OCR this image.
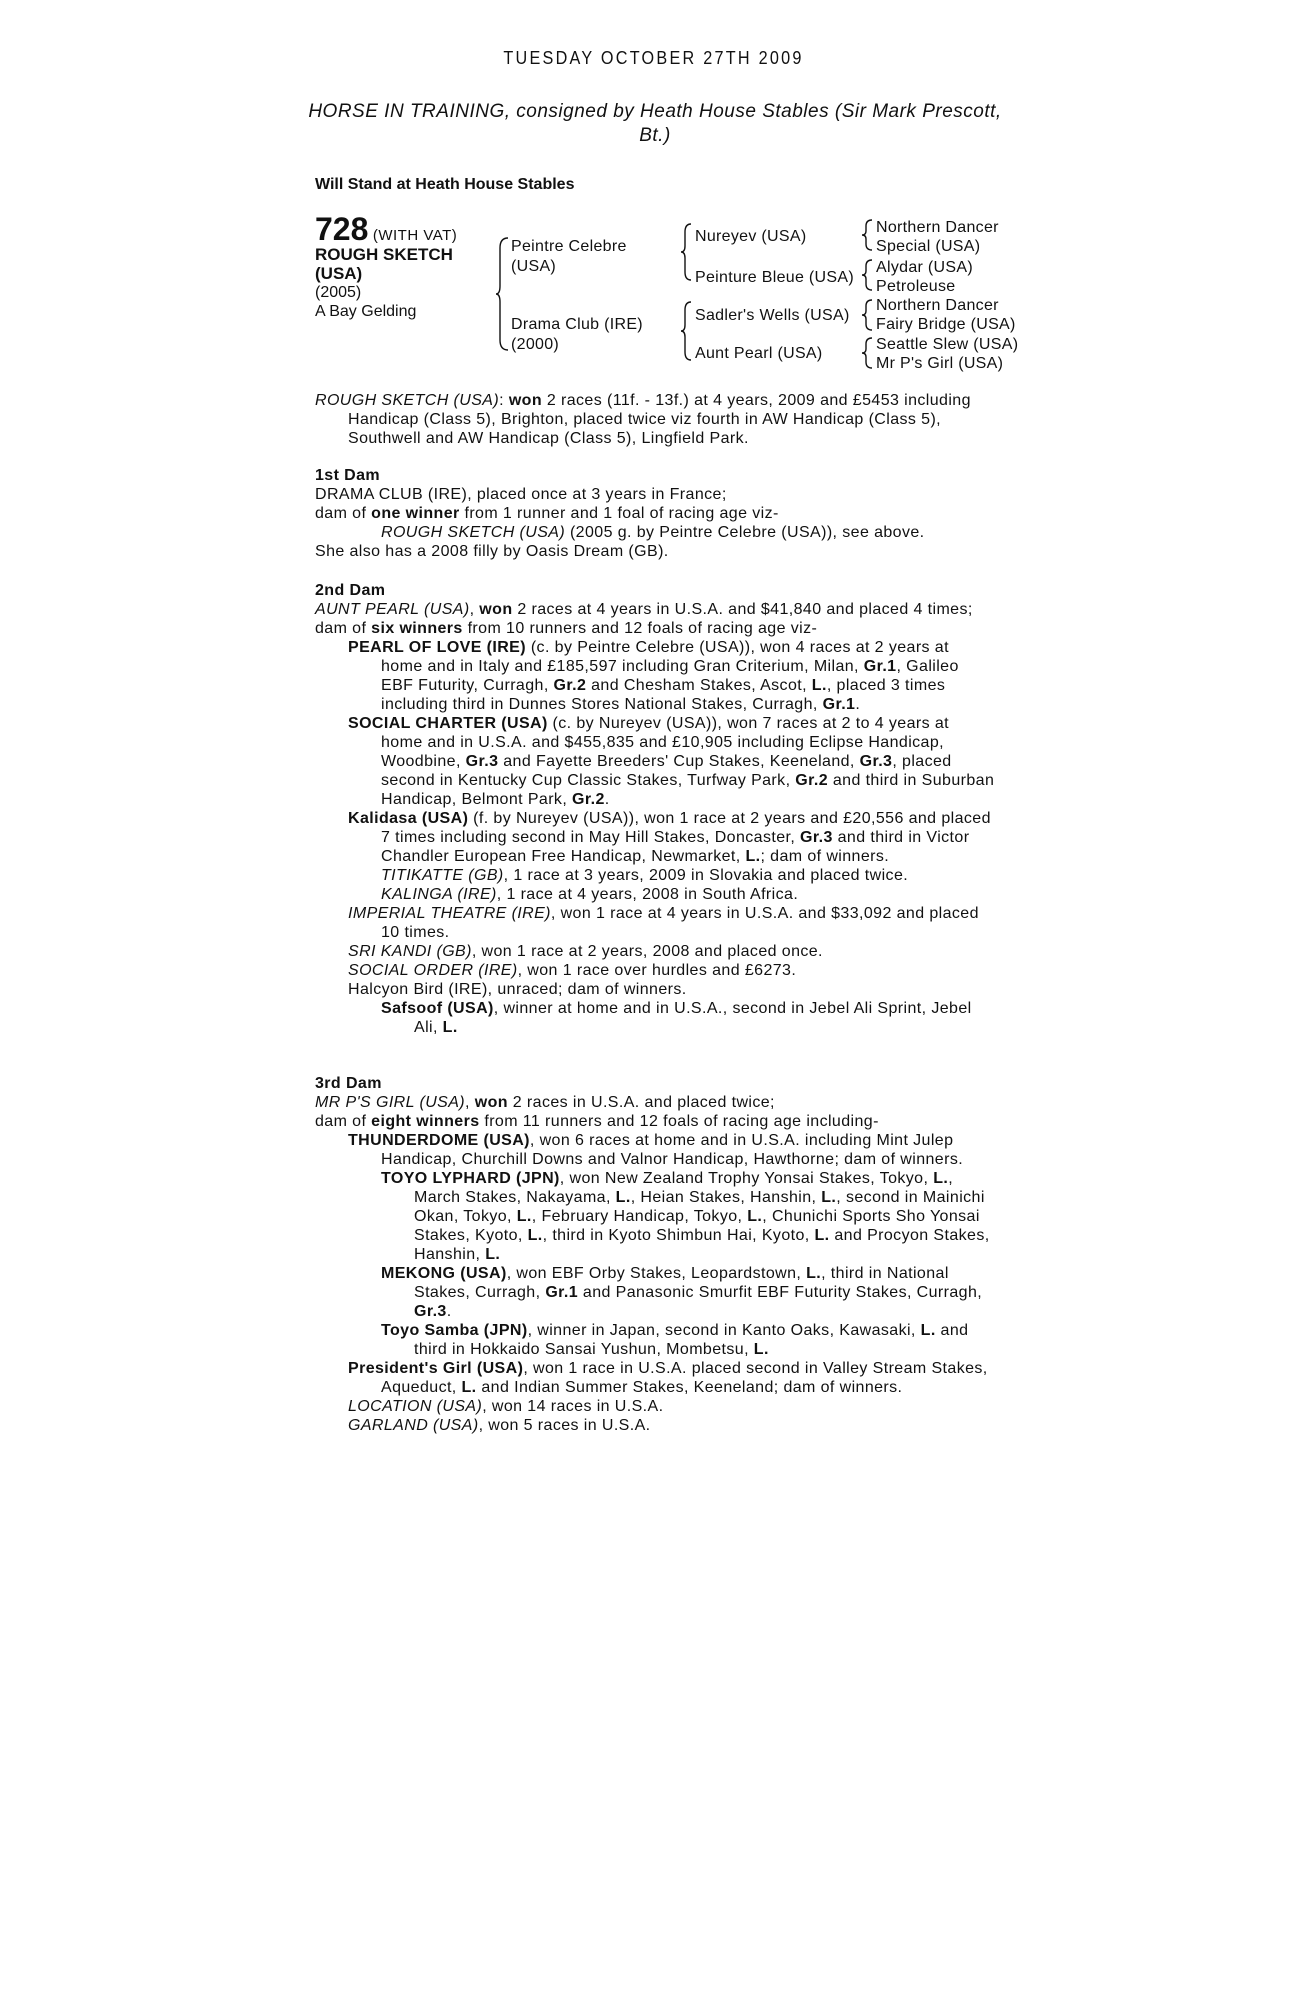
TUESDAY OCTOBER 27TH 2009
HORSE IN TRAINING, consigned by Heath House Stables (Sir Mark Prescott, Bt.)
Will Stand at Heath House Stables
728 (WITH VAT)
ROUGH SKETCH
(USA)
(2005)
A Bay Gelding
Peintre Celebre
(USA)
Drama Club (IRE)
(2000)
Nureyev (USA)
Peinture Bleue (USA)
Sadler's Wells (USA)
Aunt Pearl (USA)
Northern Dancer
Special (USA)
Alydar (USA)
Petroleuse
Northern Dancer
Fairy Bridge (USA)
Seattle Slew (USA)
Mr P's Girl (USA)

ROUGH SKETCH (USA): won 2 races (11f. - 13f.) at 4 years, 2009 and £5453 including Handicap (Class 5), Brighton, placed twice viz fourth in AW Handicap (Class 5), Southwell and AW Handicap (Class 5), Lingfield Park.

1st Dam

DRAMA CLUB (IRE), placed once at 3 years in France;

dam of one winner from 1 runner and 1 foal of racing age viz-

ROUGH SKETCH (USA) (2005 g. by Peintre Celebre (USA)), see above.

She also has a 2008 filly by Oasis Dream (GB).

2nd Dam

AUNT PEARL (USA), won 2 races at 4 years in U.S.A. and $41,840 and placed 4 times;

dam of six winners from 10 runners and 12 foals of racing age viz-

PEARL OF LOVE (IRE) (c. by Peintre Celebre (USA)), won 4 races at 2 years at home and in Italy and £185,597 including Gran Criterium, Milan, Gr.1, Galileo EBF Futurity, Curragh, Gr.2 and Chesham Stakes, Ascot, L., placed 3 times including third in Dunnes Stores National Stakes, Curragh, Gr.1.

SOCIAL CHARTER (USA) (c. by Nureyev (USA)), won 7 races at 2 to 4 years at home and in U.S.A. and $455,835 and £10,905 including Eclipse Handicap, Woodbine, Gr.3 and Fayette Breeders' Cup Stakes, Keeneland, Gr.3, placed second in Kentucky Cup Classic Stakes, Turfway Park, Gr.2 and third in Suburban Handicap, Belmont Park, Gr.2.

Kalidasa (USA) (f. by Nureyev (USA)), won 1 race at 2 years and £20,556 and placed 7 times including second in May Hill Stakes, Doncaster, Gr.3 and third in Victor Chandler European Free Handicap, Newmarket, L.; dam of winners.

TITIKATTE (GB), 1 race at 3 years, 2009 in Slovakia and placed twice.

KALINGA (IRE), 1 race at 4 years, 2008 in South Africa.

IMPERIAL THEATRE (IRE), won 1 race at 4 years in U.S.A. and $33,092 and placed 10 times.

SRI KANDI (GB), won 1 race at 2 years, 2008 and placed once.

SOCIAL ORDER (IRE), won 1 race over hurdles and £6273.

Halcyon Bird (IRE), unraced; dam of winners.

Safsoof (USA), winner at home and in U.S.A., second in Jebel Ali Sprint, Jebel Ali, L.

3rd Dam

MR P'S GIRL (USA), won 2 races in U.S.A. and placed twice;

dam of eight winners from 11 runners and 12 foals of racing age including-

THUNDERDOME (USA), won 6 races at home and in U.S.A. including Mint Julep Handicap, Churchill Downs and Valnor Handicap, Hawthorne; dam of winners.

TOYO LYPHARD (JPN), won New Zealand Trophy Yonsai Stakes, Tokyo, L., March Stakes, Nakayama, L., Heian Stakes, Hanshin, L., second in Mainichi Okan, Tokyo, L., February Handicap, Tokyo, L., Chunichi Sports Sho Yonsai Stakes, Kyoto, L., third in Kyoto Shimbun Hai, Kyoto, L. and Procyon Stakes, Hanshin, L.

MEKONG (USA), won EBF Orby Stakes, Leopardstown, L., third in National Stakes, Curragh, Gr.1 and Panasonic Smurfit EBF Futurity Stakes, Curragh, Gr.3.

Toyo Samba (JPN), winner in Japan, second in Kanto Oaks, Kawasaki, L. and third in Hokkaido Sansai Yushun, Mombetsu, L.

President's Girl (USA), won 1 race in U.S.A. placed second in Valley Stream Stakes, Aqueduct, L. and Indian Summer Stakes, Keeneland; dam of winners.

LOCATION (USA), won 14 races in U.S.A.

GARLAND (USA), won 5 races in U.S.A.
